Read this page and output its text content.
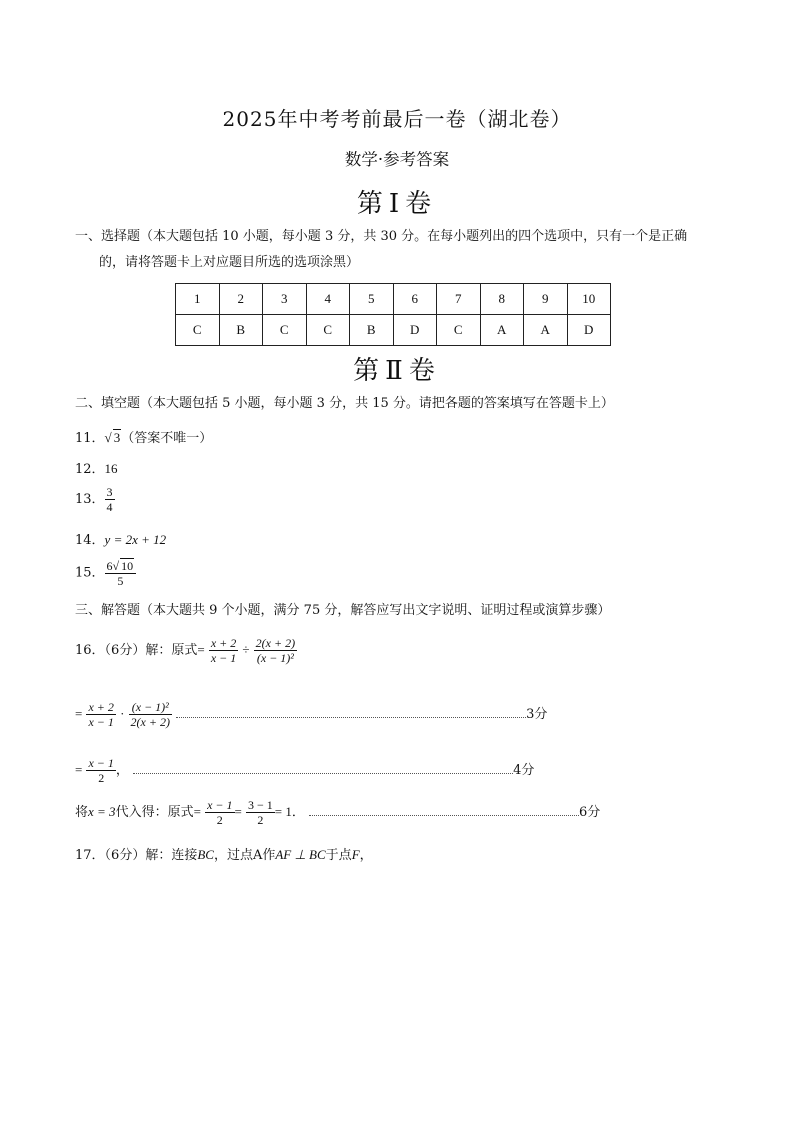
2025年中考考前最后一卷（湖北卷）
数学·参考答案
第Ⅰ卷
一、选择题（本大题包括 10 小题，每小题 3 分，共 30 分。在每小题列出的四个选项中，只有一个是正确
的，请将答题卡上对应题目所选的选项涂黑）
1	2	3	4	5	6	7	8	9	10
C	B	C	C	B	D	C	A	A	D
第Ⅱ卷
二、填空题（本大题包括 5 小题，每小题 3 分，共 15 分。请把各题的答案填写在答题卡上）
11．√ 3（答案不唯一）
12．16
13． $\frac{3}{4}$
14．y = 2x + 12
15． $\frac{6√ 10}{5}$
三、解答题（本大题共 9 个小题，满分 75 分，解答应写出文字说明、证明过程或演算步骤）
16．（6分）解：原式= $\frac{x + 2}{x - 1} \div \frac{2(x + 2)}{\text{(x − 1)²}}$
= $\frac{x + 2}{x - 1} \cdot \frac{\text{(x − 1)²}}{2(x + 2)}$	3分
= $\frac{x - 1}{2}$ ，	4分
将x = 3代入得：原式= $\frac{x - 1}{2} = \frac{3 - 1}{2} = 1$．	6分
17．（6分）解：连接BC，过点A作AF ⊥ BC于点F，
